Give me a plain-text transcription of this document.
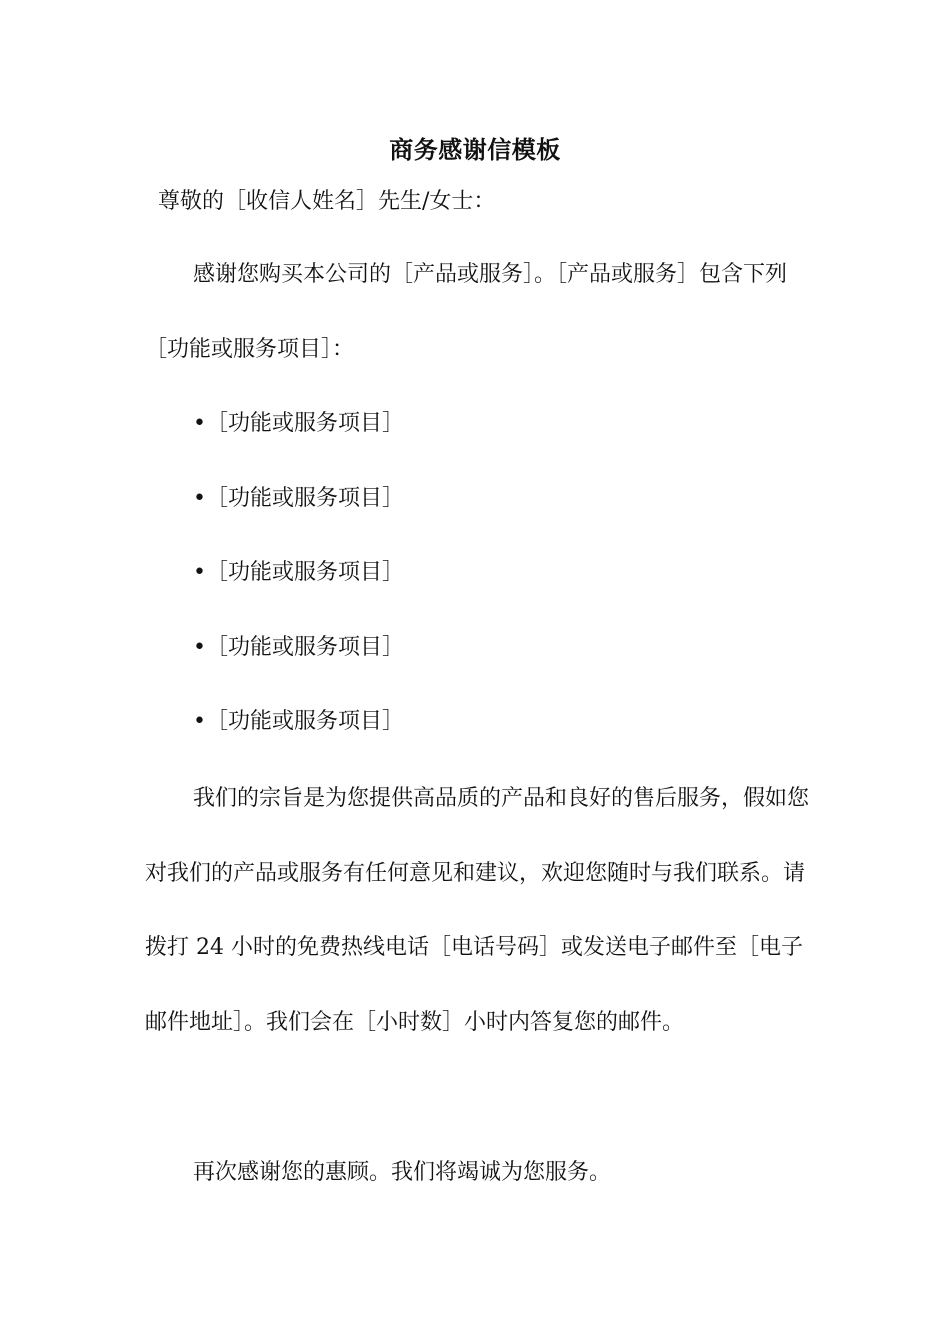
商务感谢信模板
尊敬的［收信人姓名］先生/女士：

感谢您购买本公司的［产品或服务］。［产品或服务］包含下列［功能或服务项目］：

•［功能或服务项目］
•［功能或服务项目］
•［功能或服务项目］
•［功能或服务项目］
•［功能或服务项目］

我们的宗旨是为您提供高品质的产品和良好的售后服务，假如您对我们的产品或服务有任何意见和建议，欢迎您随时与我们联系。请拨打 24 小时的免费热线电话［电话号码］或发送电子邮件至［电子邮件地址］。我们会在［小时数］小时内答复您的邮件。

再次感谢您的惠顾。我们将竭诚为您服务。
